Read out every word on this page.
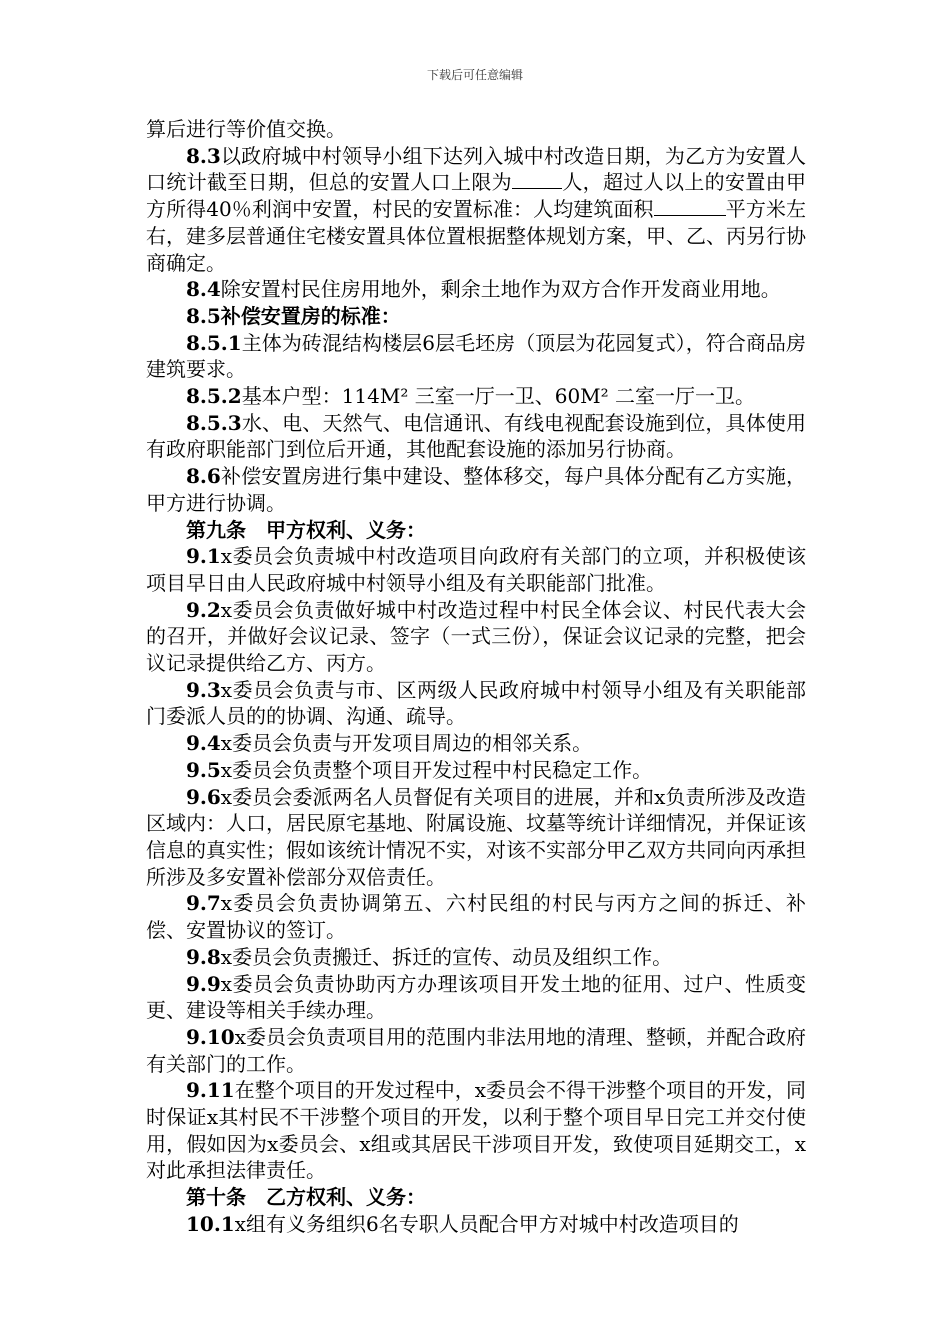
下载后可任意编辑

算后进行等价值交换。

8.3以政府城中村领导小组下达列入城中村改造日期，为乙方为安置人口统计截至日期，但总的安置人口上限为	人，超过人以上的安置由甲方所得40％利润中安置，村民的安置标准：人均建筑面积	平方米左右，建多层普通住宅楼安置具体位置根据整体规划方案，甲、乙、丙另行协商确定。

8.4除安置村民住房用地外，剩余土地作为双方合作开发商业用地。

8.5补偿安置房的标准：

8.5.1主体为砖混结构楼层6层毛坯房（顶层为花园复式），符合商品房建筑要求。

8.5.2基本户型：114M² 三室一厅一卫、60M² 二室一厅一卫。

8.5.3水、电、天然气、电信通讯、有线电视配套设施到位，具体使用有政府职能部门到位后开通，其他配套设施的添加另行协商。

8.6补偿安置房进行集中建设、整体移交，每户具体分配有乙方实施，甲方进行协调。

第九条　甲方权利、义务：

9.1x委员会负责城中村改造项目向政府有关部门的立项，并积极使该项目早日由人民政府城中村领导小组及有关职能部门批准。

9.2x委员会负责做好城中村改造过程中村民全体会议、村民代表大会的召开，并做好会议记录、签字（一式三份），保证会议记录的完整，把会议记录提供给乙方、丙方。

9.3x委员会负责与市、区两级人民政府城中村领导小组及有关职能部门委派人员的的协调、沟通、疏导。

9.4x委员会负责与开发项目周边的相邻关系。

9.5x委员会负责整个项目开发过程中村民稳定工作。

9.6x委员会委派两名人员督促有关项目的进展，并和x负责所涉及改造区域内：人口，居民原宅基地、附属设施、坟墓等统计详细情况，并保证该信息的真实性；假如该统计情况不实，对该不实部分甲乙双方共同向丙承担所涉及多安置补偿部分双倍责任。

9.7x委员会负责协调第五、六村民组的村民与丙方之间的拆迁、补偿、安置协议的签订。

9.8x委员会负责搬迁、拆迁的宣传、动员及组织工作。

9.9x委员会负责协助丙方办理该项目开发土地的征用、过户、性质变更、建设等相关手续办理。

9.10x委员会负责项目用的范围内非法用地的清理、整顿，并配合政府有关部门的工作。

9.11在整个项目的开发过程中，x委员会不得干涉整个项目的开发，同时保证x其村民不干涉整个项目的开发，以利于整个项目早日完工并交付使用，假如因为x委员会、x组或其居民干涉项目开发，致使项目延期交工，x对此承担法律责任。

第十条　乙方权利、义务：

10.1x组有义务组织6名专职人员配合甲方对城中村改造项目的
